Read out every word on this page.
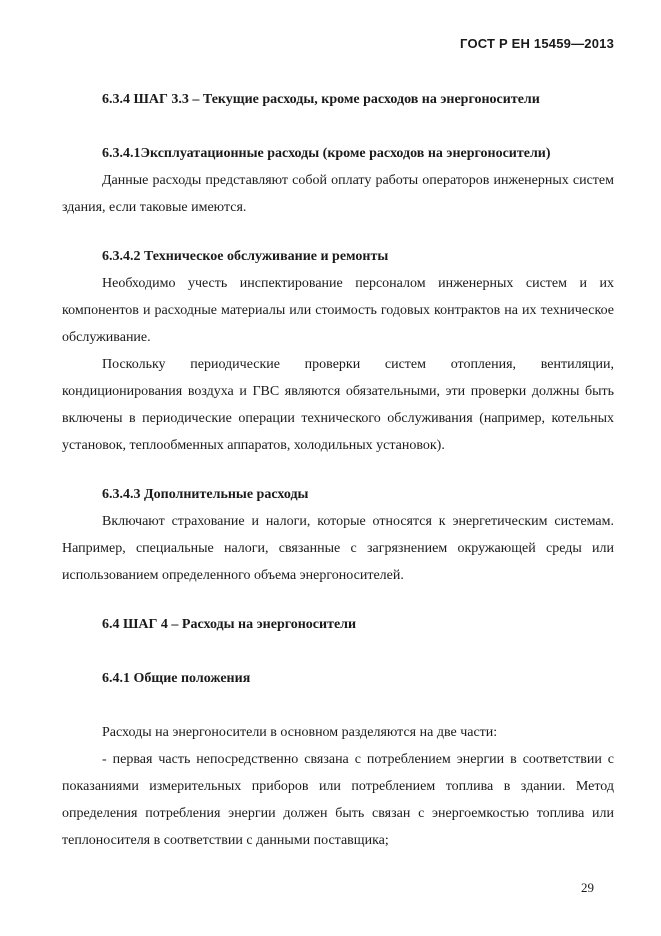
ГОСТ Р ЕН 15459—2013

6.3.4 ШАГ 3.3 – Текущие расходы, кроме расходов на энергоносители

6.3.4.1Эксплуатационные расходы (кроме расходов на энергоносители)

Данные расходы представляют собой оплату работы операторов инженерных систем здания, если таковые имеются.

6.3.4.2 Техническое обслуживание и ремонты

Необходимо учесть инспектирование персоналом инженерных систем и их компонентов и расходные материалы или стоимость годовых контрактов на их техническое обслуживание.

Поскольку периодические проверки систем отопления, вентиляции, кондиционирования воздуха и ГВС являются обязательными, эти проверки должны быть включены в периодические операции технического обслуживания (например, котельных установок, теплообменных аппаратов, холодильных установок).

6.3.4.3 Дополнительные расходы

Включают страхование и налоги, которые относятся к энергетическим системам. Например, специальные налоги, связанные с загрязнением окружающей среды или использованием определенного объема энергоносителей.

6.4 ШАГ 4 – Расходы на энергоносители

6.4.1 Общие положения

Расходы на энергоносители в основном разделяются на две части:

- первая часть непосредственно связана с потреблением энергии в соответствии с показаниями измерительных приборов или потреблением топлива в здании. Метод определения потребления энергии должен быть связан с энергоемкостью топлива или теплоносителя в соответствии с данными поставщика;

29
